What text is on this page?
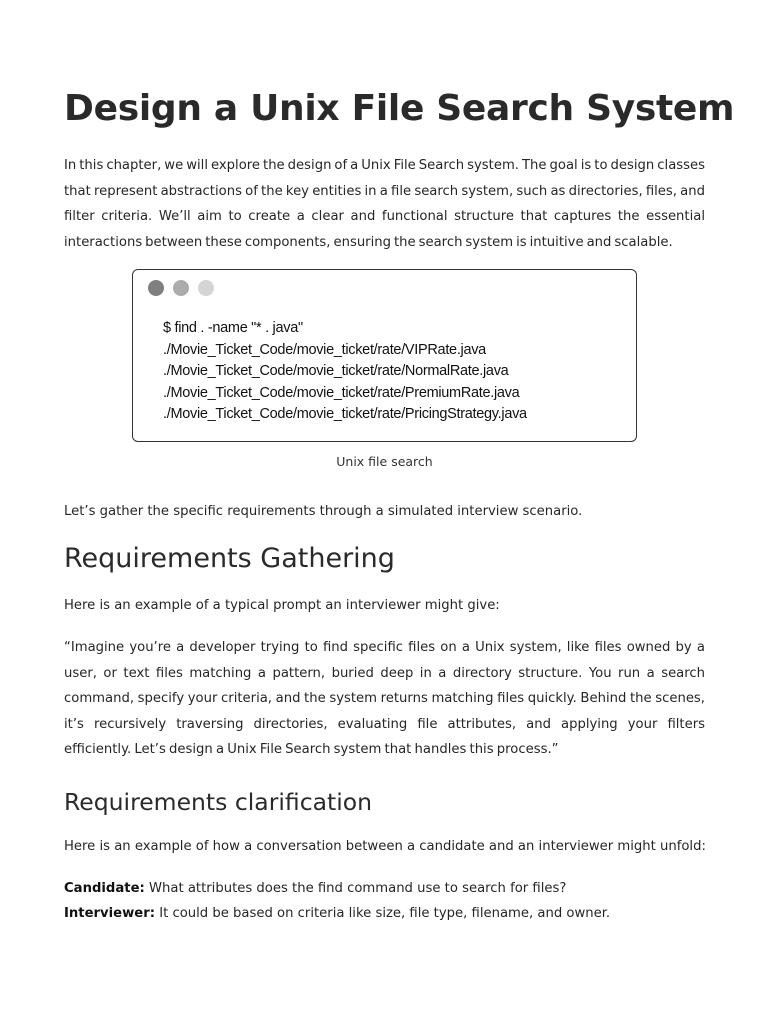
Design a Unix File Search System

In this chapter, we will explore the design of a Unix File Search system. The goal is to design classes that represent abstractions of the key entities in a file search system, such as directories, files, and filter criteria. We’ll aim to create a clear and functional structure that captures the essential interactions between these components, ensuring the search system is intuitive and scalable.

$ find . -name "* . java"
./Movie_Ticket_Code/movie_ticket/rate/VIPRate.java
./Movie_Ticket_Code/movie_ticket/rate/NormalRate.java
./Movie_Ticket_Code/movie_ticket/rate/PremiumRate.java
./Movie_Ticket_Code/movie_ticket/rate/PricingStrategy.java
Unix file search

Let’s gather the specific requirements through a simulated interview scenario.

Requirements Gathering

Here is an example of a typical prompt an interviewer might give:

“Imagine you’re a developer trying to find specific files on a Unix system, like files owned by a user, or text files matching a pattern, buried deep in a directory structure. You run a search command, specify your criteria, and the system returns matching files quickly. Behind the scenes, it’s recursively traversing directories, evaluating file attributes, and applying your filters efficiently. Let’s design a Unix File Search system that handles this process.”

Requirements clarification

Here is an example of how a conversation between a candidate and an interviewer might unfold:

Candidate: What attributes does the find command use to search for files?
Interviewer: It could be based on criteria like size, file type, filename, and owner.
